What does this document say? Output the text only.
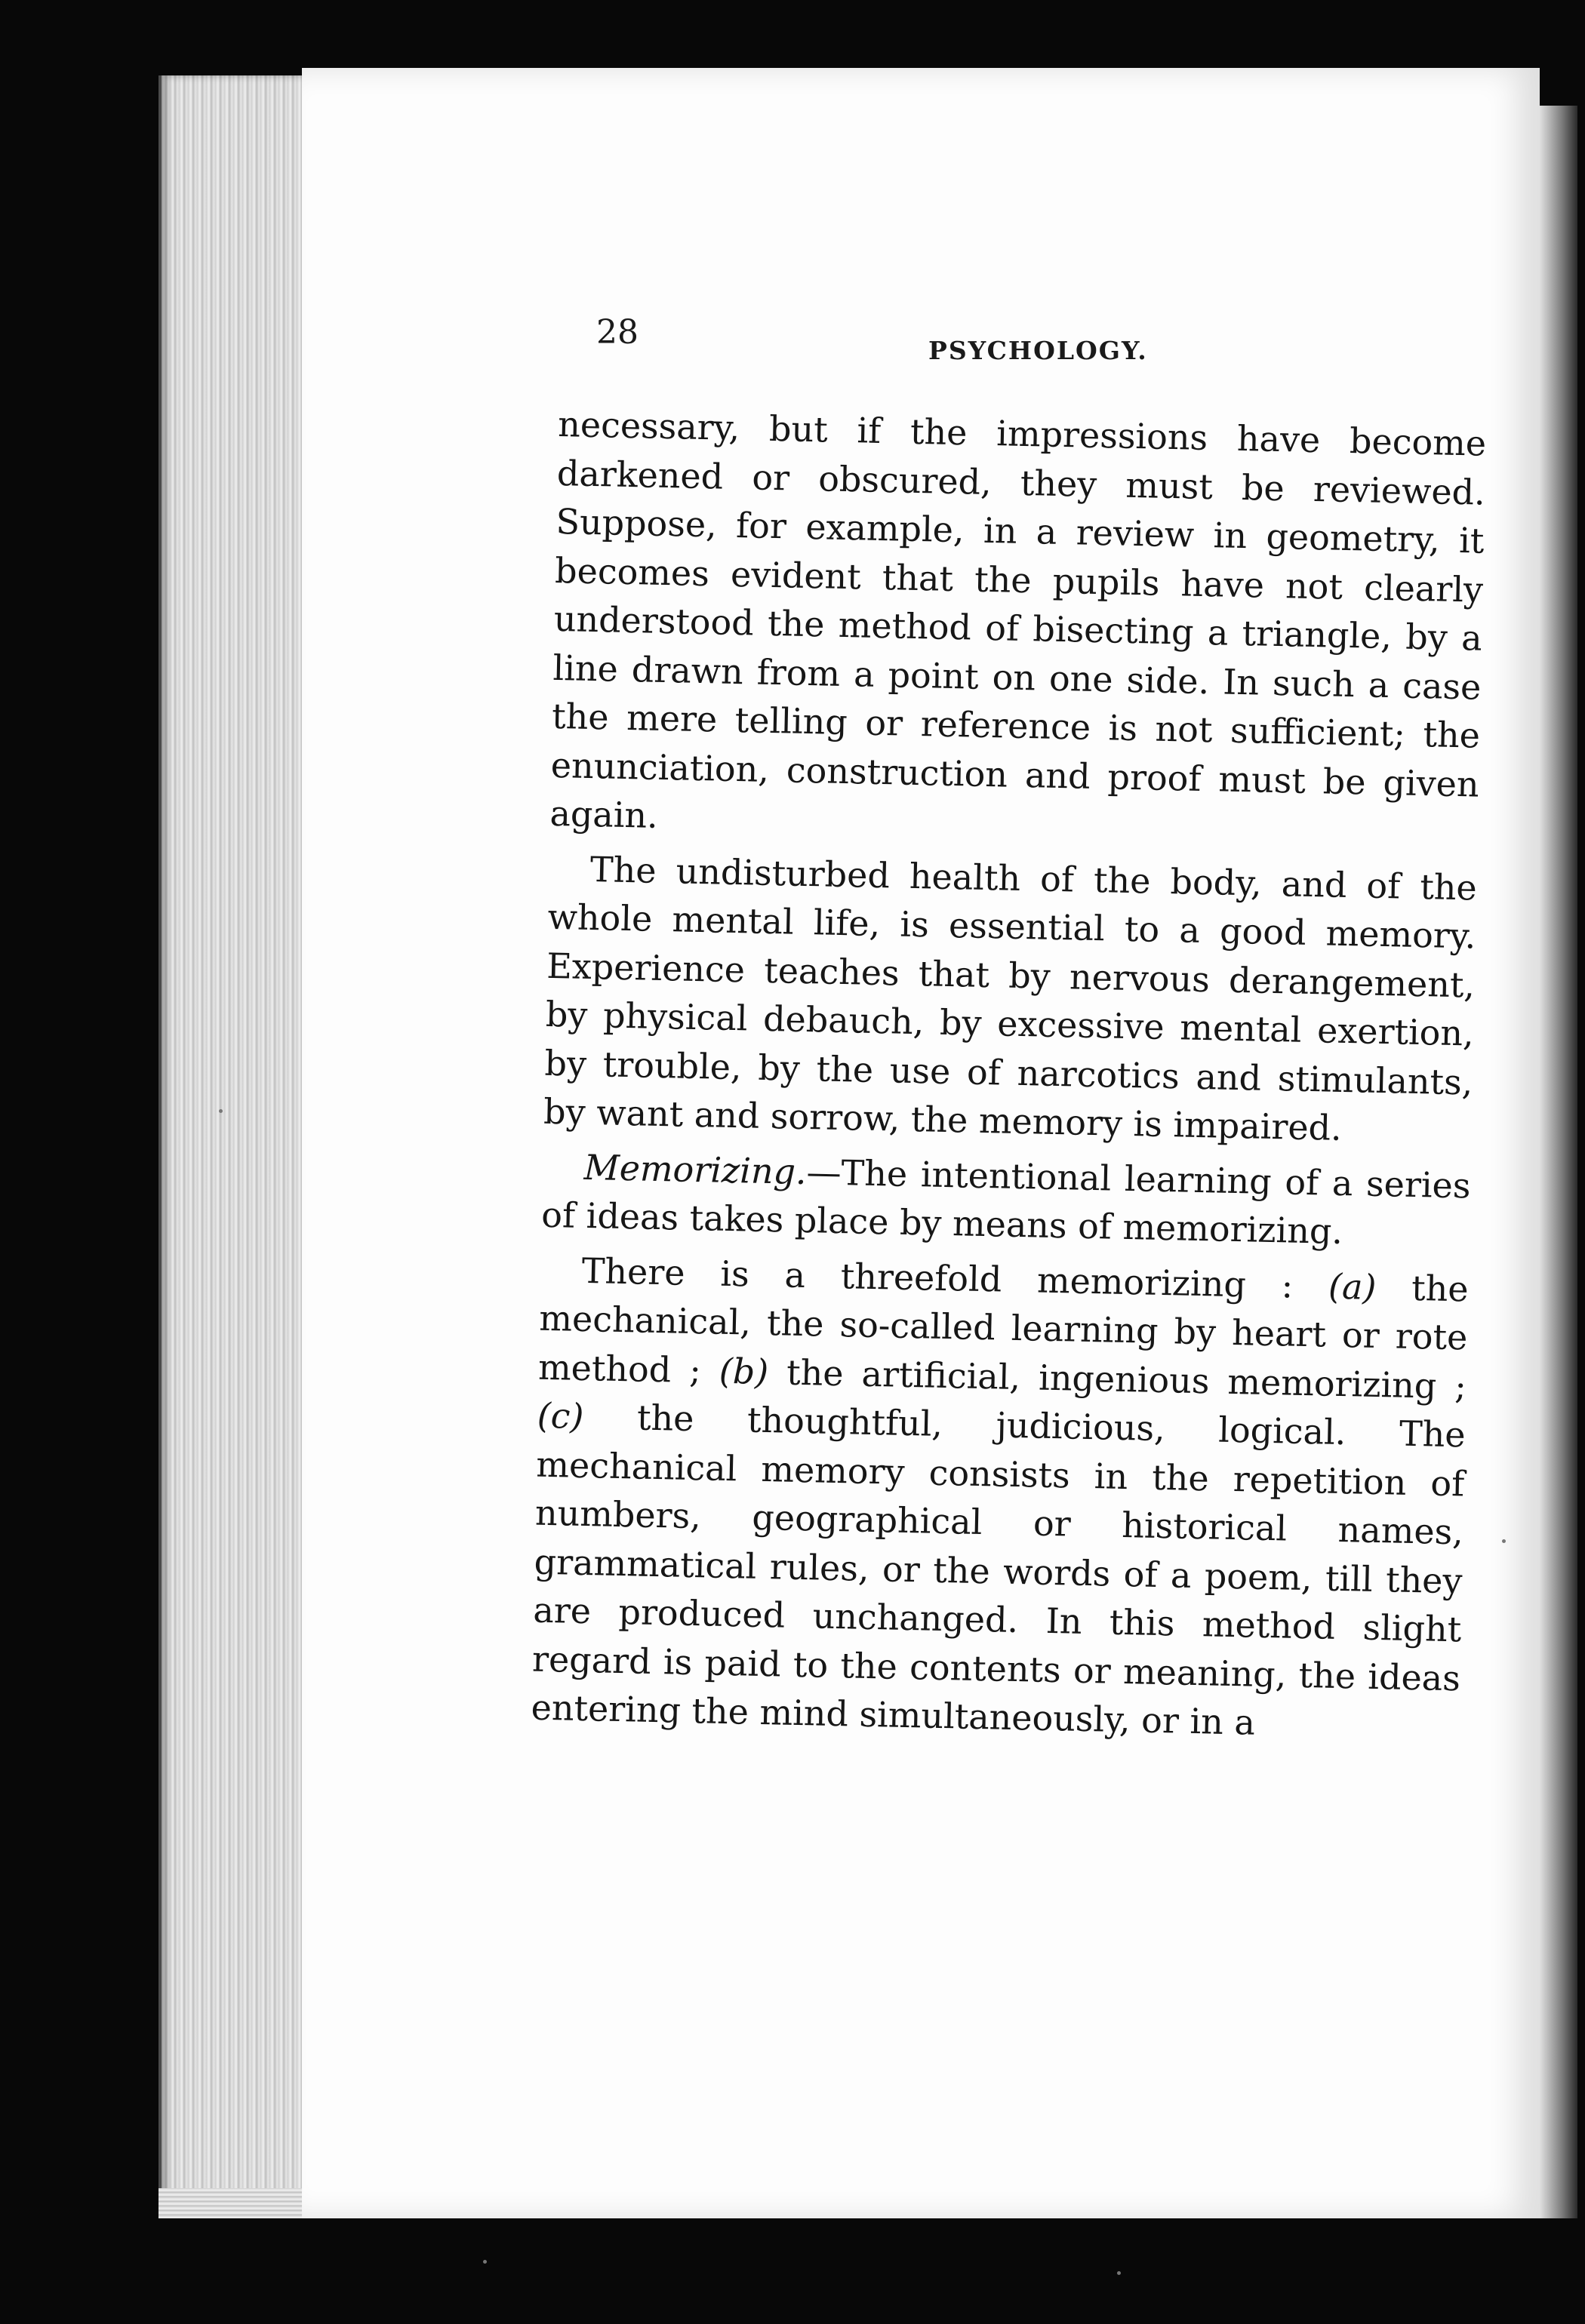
28	PSYCHOLOGY.

necessary, but if the impressions have become darkened or obscured, they must be reviewed. Suppose, for example, in a review in geometry, it becomes evident that the pupils have not clearly understood the method of bisecting a triangle, by a line drawn from a point on one side. In such a case the mere telling or reference is not sufficient; the enunciation, construction and proof must be given again.

The undisturbed health of the body, and of the whole mental life, is essential to a good memory. Experience teaches that by nervous derangement, by physical debauch, by excessive mental exertion, by trouble, by the use of narcotics and stimulants, by want and sorrow, the memory is impaired.

Memorizing.—The intentional learning of a series of ideas takes place by means of memorizing.

There is a threefold memorizing : (a) the mechanical, the so-called learning by heart or rote method ; (b) the artificial, ingenious memorizing ; (c) the thoughtful, judicious, logical. The mechanical memory consists in the repetition of numbers, geographical or historical names, grammatical rules, or the words of a poem, till they are produced unchanged. In this method slight regard is paid to the contents or meaning, the ideas entering the mind simultaneously, or in a
